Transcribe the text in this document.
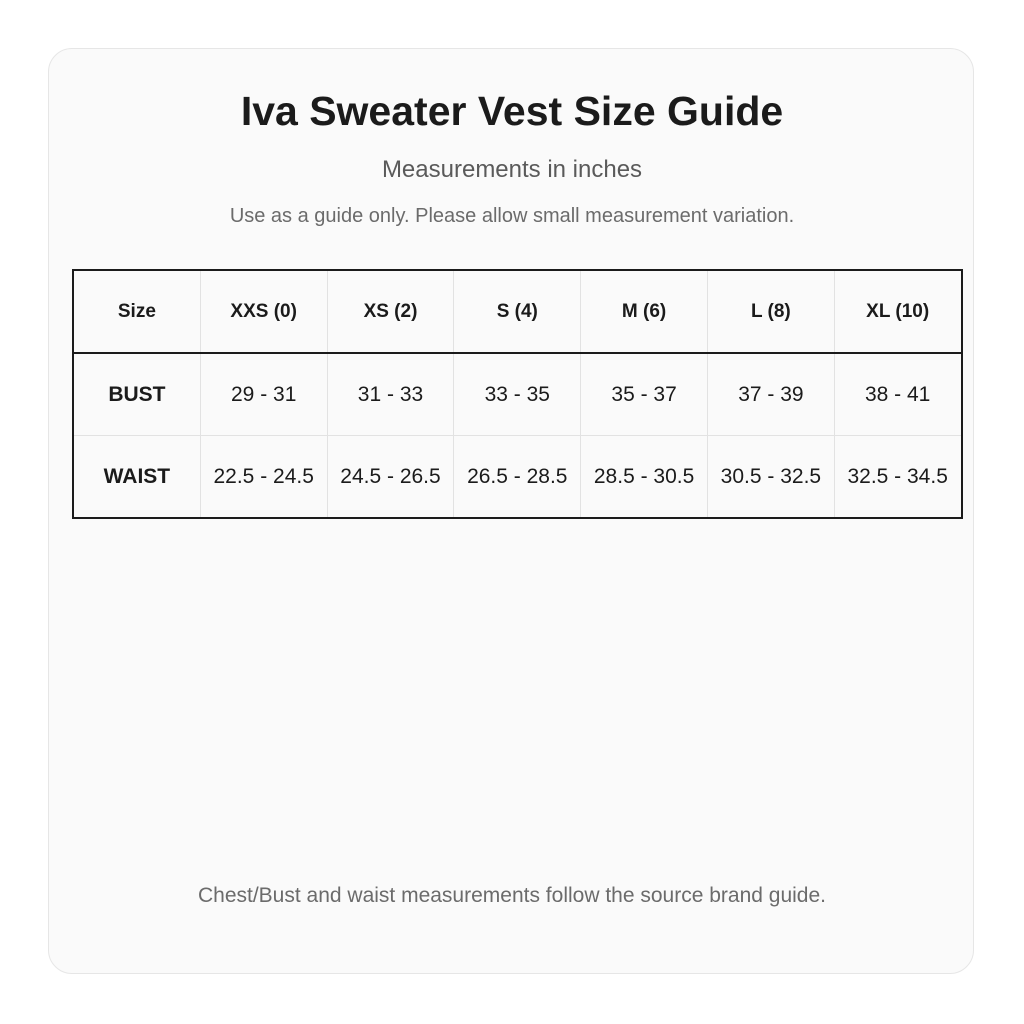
Iva Sweater Vest Size Guide
Measurements in inches
Use as a guide only. Please allow small measurement variation.
Size	XXS (0)	XS (2)	S (4)	M (6)	L (8)	XL (10)
BUST	29 - 31	31 - 33	33 - 35	35 - 37	37 - 39	38 - 41
WAIST	22.5 - 24.5	24.5 - 26.5	26.5 - 28.5	28.5 - 30.5	30.5 - 32.5	32.5 - 34.5
Chest/Bust and waist measurements follow the source brand guide.
